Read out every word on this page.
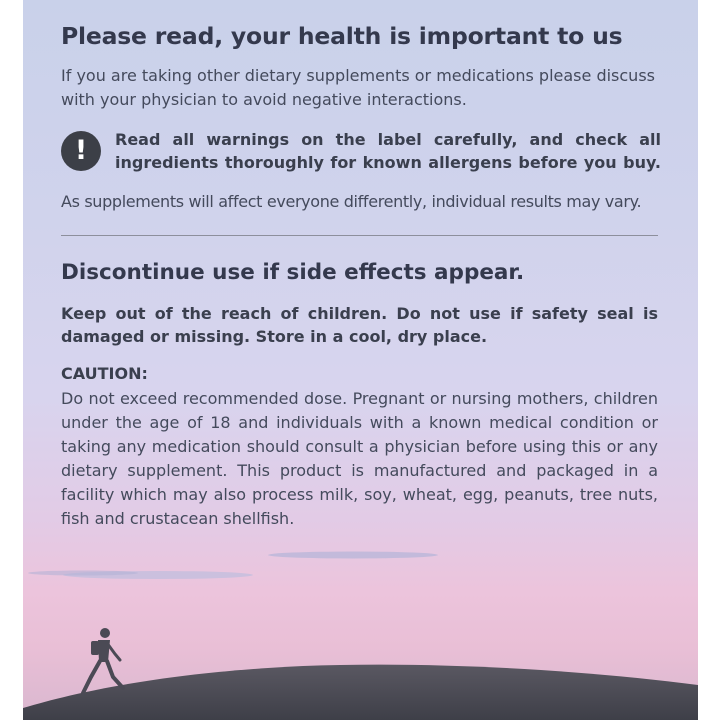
Please read, your health is important to us

If you are taking other dietary supplements or medications please discuss with your physician to avoid negative interactions.

!	Read all warnings on the label carefully, and check all ingredients thoroughly for known allergens before you buy.

As supplements will affect everyone differently, individual results may vary.

Discontinue use if side effects appear.

Keep out of the reach of children. Do not use if safety seal is damaged or missing. Store in a cool, dry place.

CAUTION:

Do not exceed recommended dose. Pregnant or nursing mothers, children under the age of 18 and individuals with a known medical condition or taking any medication should consult a physician before using this or any dietary supplement. This product is manufactured and packaged in a facility which may also process milk, soy, wheat, egg, peanuts, tree nuts, fish and crustacean shellfish.
